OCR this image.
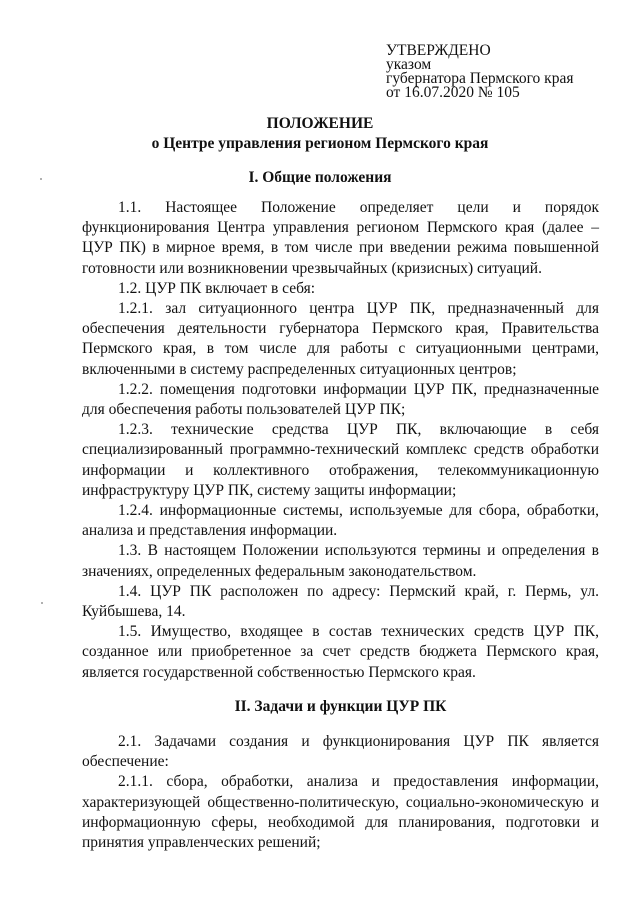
УТВЕРЖДЕНО
указом
губернатора Пермского края
от 16.07.2020 № 105
ПОЛОЖЕНИЕ
о Центре управления регионом Пермского края
I. Общие положения

1.1. Настоящее Положение определяет цели и порядок функционирования Центра управления регионом Пермского края (далее – ЦУР ПК) в мирное время, в том числе при введении режима повышенной готовности или возникновении чрезвычайных (кризисных) ситуаций.

1.2. ЦУР ПК включает в себя:

1.2.1. зал ситуационного центра ЦУР ПК, предназначенный для обеспечения деятельности губернатора Пермского края, Правительства Пермского края, в том числе для работы с ситуационными центрами, включенными в систему распределенных ситуационных центров;

1.2.2. помещения подготовки информации ЦУР ПК, предназначенные для обеспечения работы пользователей ЦУР ПК;

1.2.3. технические средства ЦУР ПК, включающие в себя специализированный программно-технический комплекс средств обработки информации и коллективного отображения, телекоммуникационную инфраструктуру ЦУР ПК, систему защиты информации;

1.2.4. информационные системы, используемые для сбора, обработки, анализа и представления информации.

1.3. В настоящем Положении используются термины и определения в значениях, определенных федеральным законодательством.

1.4. ЦУР ПК расположен по адресу: Пермский край, г. Пермь, ул. Куйбышева, 14.

1.5. Имущество, входящее в состав технических средств ЦУР ПК, созданное или приобретенное за счет средств бюджета Пермского края, является государственной собственностью Пермского края.

II. Задачи и функции ЦУР ПК

2.1. Задачами создания и функционирования ЦУР ПК является обеспечение:

2.1.1. сбора, обработки, анализа и предоставления информации, характеризующей общественно-политическую, социально-экономическую и информационную сферы, необходимой для планирования, подготовки и принятия управленческих решений;
